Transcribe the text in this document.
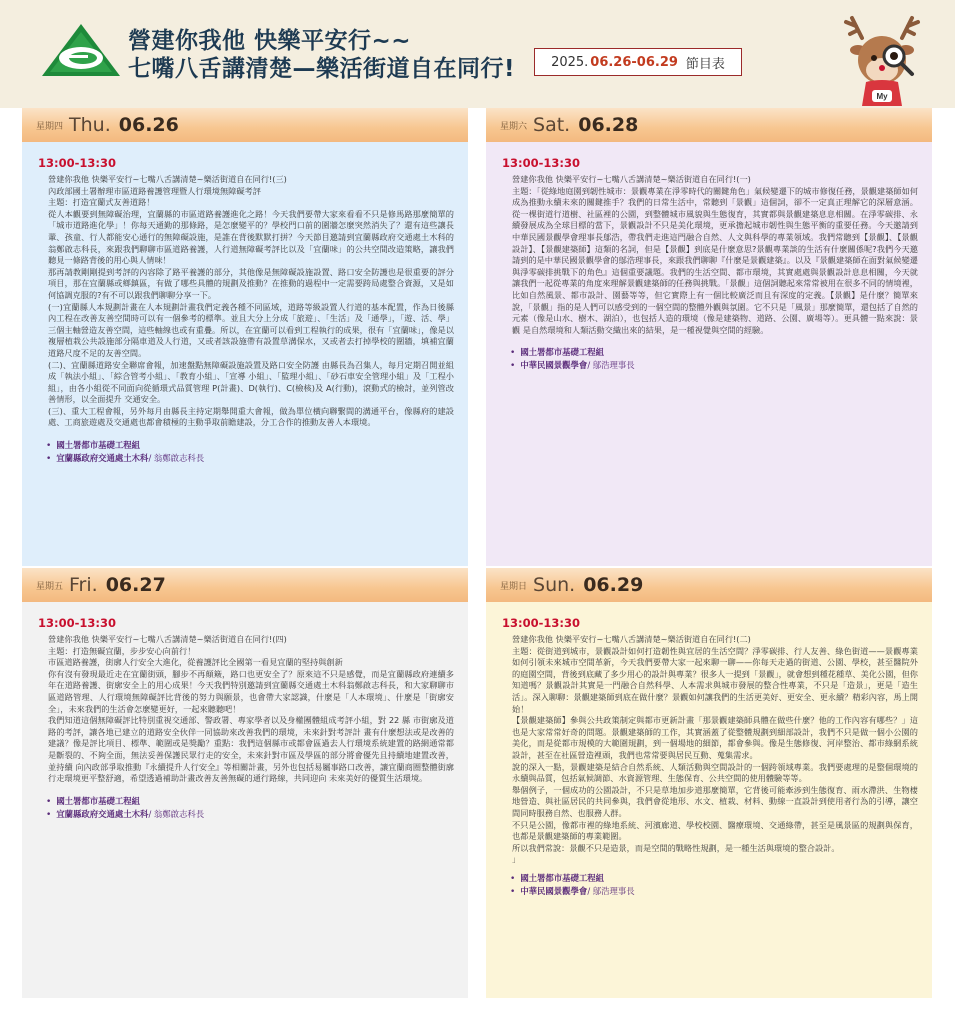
營建你我他 快樂平安行~~
七嘴八舌講清楚—樂活街道自在同行!	2025. 06.26-06.29 節目表
My
星期四 Thu. 06.26
13:00-13:30
營建你我他 快樂平安行~七嘴八舌講清楚~樂活街道自在同行!(三)
內政部國土署辦理市區道路養護管理暨人行環境無障礙考評
主題：打造宜蘭式友善道路！
從人本觀要到無障礙治理，宜蘭縣的市區道路養護進化之路！今天我們要帶大家來看看不只是修馬路那麼簡單的「城市道路進化學」！你每天通勤的那條路，是怎麼變平的？學校門口前的圍牆怎麼突然消失了？還有這些讓長輩、孩童、行人都能安心通行的無障礙設施，是誰在背後默默打拼？今天節目邀請到宜蘭縣政府交通處土木科的翁鄭啟志科長，來跟我們聊聊市區道路養護，人行道無障礙考評比以及「宜蘭味」的公共空間改造策略，讓我們聽見一條路背後的用心與人情味！
那再請教剛剛提到考評的內容除了路平養護的部分，其他像是無障礙設施設置、路口安全防護也是很重要的評分項目，那在宜蘭縣或鄉鎮區，有做了哪些具體的規劃及推動？在推動的過程中一定需要跨局處整合資源，又是如何協調克服的?有不可以跟我們聊聊分享一下。
(一)宜蘭縣人本規劃計畫在人本規劃計畫我們定義各種不同區域，道路等級設置人行道的基本配置，作為日後縣內工程在改善友善空間時可以有一個參考的標準。並且大分上分成「旅遊」、「生活」及「通學」，「遊、活、學」三個主軸營造友善空間，這些軸線也或有重疊。所以，在宜蘭可以看到工程執行的成果，很有「宜蘭味」，像是以複層植栽公共設施部分隔車道及人行道，又或者該設施帶有設置草溝保水，又或者去打掉學校的圍牆，填補宜蘭道路尺度不足的友善空間。
(二)、宜蘭縣道路安全聯席會報，加速盤點無障礙設施設置及路口安全防護 由縣長為召集人，每月定期召開並組成「執法小組」、「綜合管考小組」、「教育小組」、「宣導 小組」、「監理小組」、「砂石車安全管理小組」及「工程小組」，由各小組從不同面向從循環式品質管理 P(計畫)、D(執行)、C(檢核)及 A(行動)，滾動式的檢討，並列管改善情形，以全面提升 交通安全。
(三)、重大工程會報，另外每月由縣長主持定期舉開重大會報，做為單位橫向聯繫間的溝通平台，像縣府的建設處、工商旅遊處及交通處也都會積極的主動爭取前瞻建設，分工合作的推動友善人本環境。
• 國土署都市基礎工程組
• 宜蘭縣政府交通處土木科 / 翁鄭啟志科長
星期六 Sat. 06.28
13:00-13:30
營建你我他 快樂平安行~七嘴八舌講清楚~樂活街道自在同行!(一)
主題：「從綠地庭園到韌性城市：景觀專業在淨零時代的關鍵角色」氣候變遷下的城市修復任務，景觀建築師如何成為推動永續未來的關鍵推手？我們的日常生活中，常聽到「景觀」這個詞，卻不一定真正理解它的深層意涵。從一棵街道行道樹、社區裡的公園，到整體城市風貌與生態復育，其實都與景觀建築息息相關。在淨零碳排、永續發展成為全球目標的當下，景觀設計不只是美化環境，更承擔起城市韌性與生態平衡的重要任務。今天邀請到中華民國景觀學會理事長鄔浩，帶我們走進這門融合自然、人文與科學的專業領域。我們常聽到【景觀】、【景觀設計】、【景觀建築師】這類的名詞，但是【景觀】到底是什麼意思?景觀專業談的生活有什麼關係呢?我們今天邀請到的是中華民國景觀學會的鄔浩理事長，來跟我們聊聊『什麼是景觀建築』。以及『景觀建築師在面對氣候變遷與淨零碳排挑戰下的角色』這個重要議題。我們的生活空間、都市環境，其實處處與景觀設計息息相關，今天就讓我們一起從專業的角度來理解景觀建築師的任務與挑戰。「景觀」這個詞聽起來常常被用在很多不同的情境裡，比如自然風景、都市設計、園藝等等，但它實際上有一個比較廣泛而且有深度的定義。【景觀】是什麼？簡單來說，「景觀」指的是人們可以感受到的一個空間的整體外觀與氛圍。它不只是「風景」那麼簡單，還包括了自然的元素（像是山水、樹木、湖泊），也包括人造的環境（像是建築物、道路、公園、廣場等）。更具體一點來說：景觀 是自然環境和人類活動交織出來的結果，是一種視覺與空間的經驗。
• 國土署都市基礎工程組
• 中華民國景觀學會 / 鄔浩理事長
星期五 Fri. 06.27
13:00-13:30
營建你我他 快樂平安行~七嘴八舌講清楚~樂活街道自在同行!(四)
主題：打造無礙宜蘭，步步安心向前行！
市區道路養護，街廓人行安全大進化，從養護評比全國第一看見宜蘭的堅持與創新
你有沒有發現最近走在宜蘭街頭，腳步不再顛簸，路口也更安全了？原來這不只是感覺，而是宜蘭縣政府連續多年在道路養護、街廓安全上的用心成果！今天我們特別邀請到宜蘭縣交通處土木科翁鄭啟志科長，和大家聊聊市區道路管理、人行環境無障礙評比背後的努力與願景，也會帶大家認識，什麼是「人本環境」、什麼是「街廓安全」，未來我們的生活會怎麼變更好，一起來聽聽吧！
我們知道這個無障礙評比特別重視交通部、警政署、專家學者以及身權團體組成考評小組，對 22 縣 市街廓及道路的考評，讓各地已建立的道路安全伙伴一同協助來改善我們的環境，未來針對考評計 畫有什麼想法或是改善的建議？像是評比項目、標準、範圍或是獎勵？重點：我們這個縣市或都會區過去人行環境系統建置的路網通常都是斷裂的、不夠全面，無法妥善保護民眾行走的安全，未來針對市區及學區的部分將會優先且持續地建置改善，並持續 向內政部爭取推動『永續提升人行安全』等相關計畫，另外也包括易屬事路口改善，讓宜蘭商圈整體街廓行走環境更平整舒適，希望透過補助計畫改善友善無礙的通行路線，共同迎向 未來美好的優質生活環境。
• 國土署都市基礎工程組
• 宜蘭縣政府交通處土木科 / 翁鄭啟志科長
星期日 Sun. 06.29
13:00-13:30
營建你我他 快樂平安行~七嘴八舌講清楚~樂活街道自在同行!(二)
主題：從街道到城市，景觀設計如何打造韌性與宜居的生活空間？淨零碳排、行人友善、綠色街道——景觀專業如何引領未來城市空間革新，今天我們要帶大家一起來聊一聊——你每天走過的街道、公園、學校，甚至醫院外的庭園空間，背後到底藏了多少用心的設計與專業？很多人一提到「景觀」，就會想到種花種草、美化公園，但你知道嗎？景觀設計其實是一門融合自然科學、人本需求與城市發展的整合性專業，不只是「造景」，更是「造生活」。深入聊聊：景觀建築師到底在做什麼？景觀如何讓我們的生活更美好、更安全、更永續？精彩內容，馬上開始！
【景觀建築師】參與公共政策制定與都市更新計畫「那景觀建築師具體在做些什麼？他的工作內容有哪些？」這也是大家常常好奇的問題。景觀建築師的工作，其實涵蓋了從整體規劃到細部設計，我們不只是做一個小公園的美化，而是從都市規模的大範圍規劃，到一個場地的細節，都會參與。像是生態修復、河岸整治、都市綠網系統設計，甚至在社區營造裡頭，我們也常常要與居民互動、蒐集需求。
說的深入一點，景觀建築是結合自然系統、人類活動與空間設計的一個跨領域專業。我們要處理的是整個環境的永續與品質，包括氣候調節、水資源管理、生態保育、公共空間的使用體驗等等。
舉個例子，一個成功的公園設計，不只是草地加步道那麼簡單，它背後可能牽涉到生態復育、雨水滯洪、生物棲地營造、與社區居民的共同參與，我們會從地形、水文、植栽、材料、動線一直設計到使用者行為的引導，讓空間同時服務自然、也服務人群。
不只是公園，像都市裡的綠地系統、河濱廊道、學校校園、醫療環境、交通綠帶，甚至是風景區的規劃與保育，也都是景觀建築師的專業範圍。
所以我們常說：景觀不只是造景，而是空間的戰略性規劃，是一種生活與環境的整合設計。
」
• 國土署都市基礎工程組
• 中華民國景觀學會 / 鄔浩理事長
